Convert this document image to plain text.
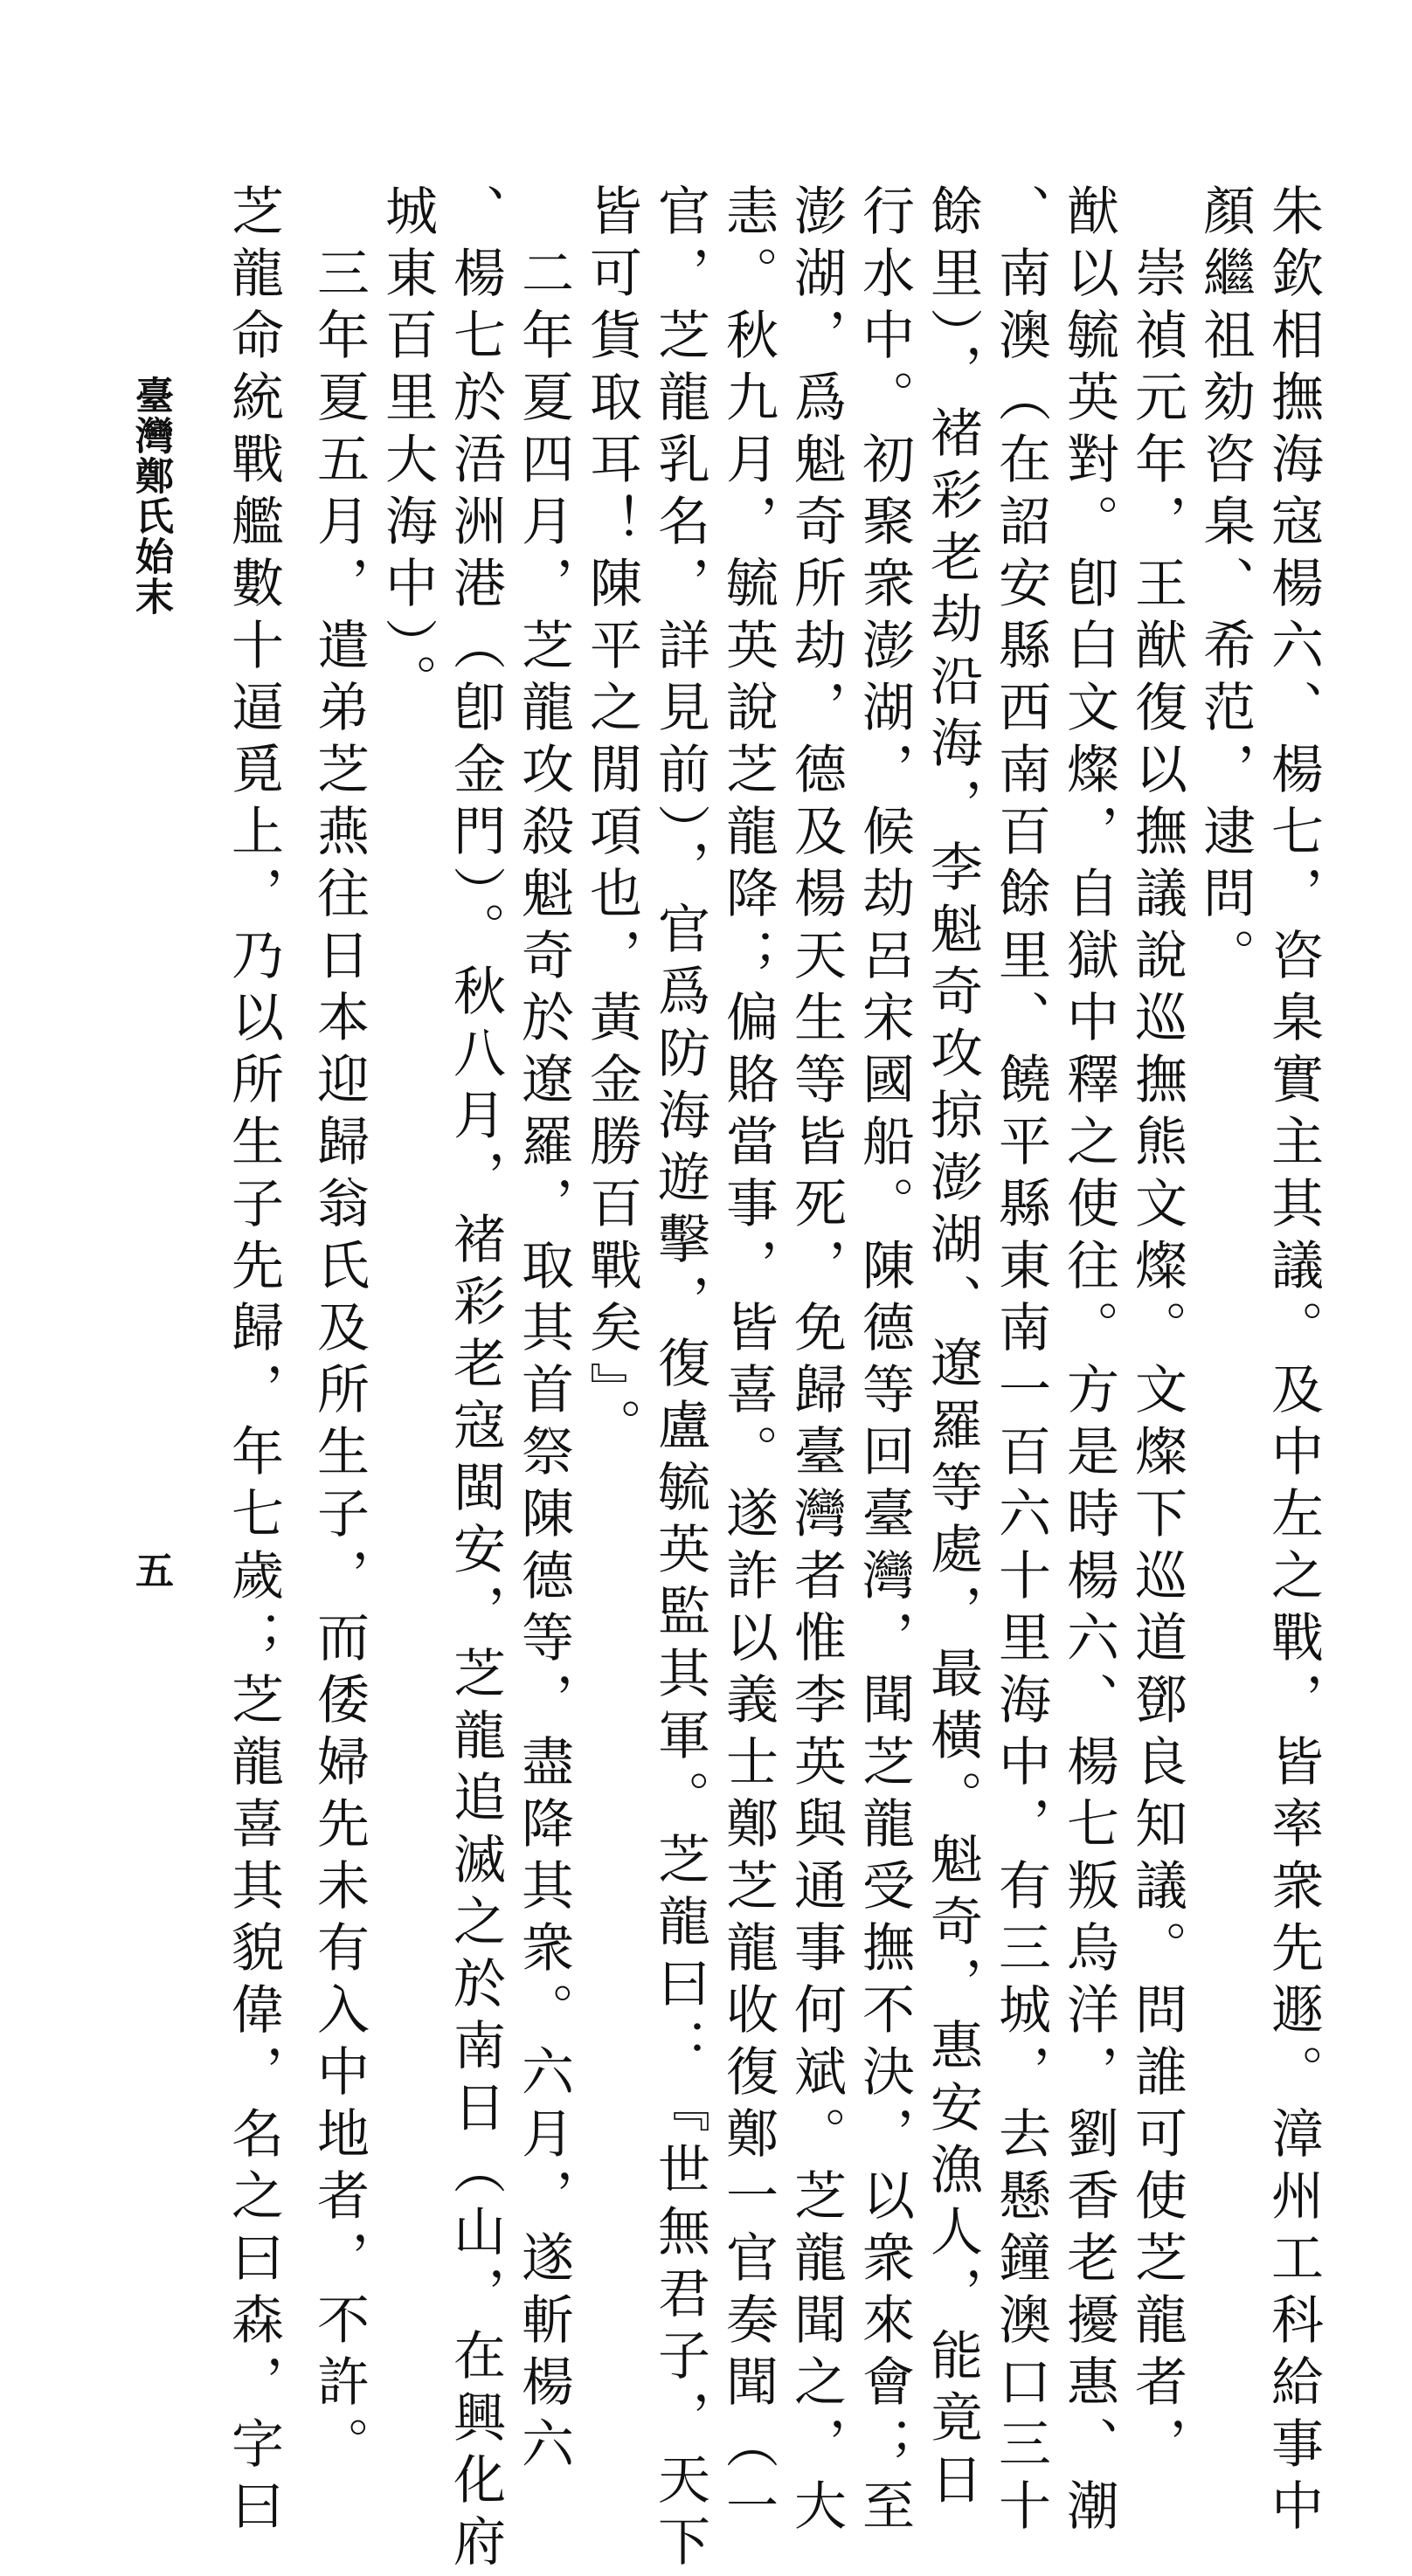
朱欽相撫海寇楊六、楊七，咨臬實主其議。及中左之戰，皆率衆先遯。漳州工科給事中
顏繼祖劾咨臬、希范，逮問。
　崇禎元年，王猷復以撫議說巡撫熊文燦。文燦下巡道鄧良知議。問誰可使芝龍者，
猷以毓英對。卽白文燦，自獄中釋之使往。方是時楊六、楊七叛烏洋，劉香老擾惠、潮
、南澳（在詔安縣西南百餘里、饒平縣東南一百六十里海中，有三城，去懸鐘澳口三十
餘里），褚彩老劫沿海，李魁奇攻掠澎湖、遼羅等處，最橫。魁奇，惠安漁人，能竟日
行水中。初聚衆澎湖，候劫呂宋國船。陳德等回臺灣，聞芝龍受撫不決，以衆來會；至
澎湖，爲魁奇所劫，德及楊天生等皆死，免歸臺灣者惟李英與通事何斌。芝龍聞之，大
恚。秋九月，毓英說芝龍降；偏賂當事，皆喜。遂詐以義士鄭芝龍收復鄭一官奏聞（一
官，芝龍乳名，詳見前），官爲防海遊擊，復盧毓英監其軍。芝龍曰：『世無君子，天下
皆可貨取耳！陳平之閒項也，黃金勝百戰矣』。
　二年夏四月，芝龍攻殺魁奇於遼羅，取其首祭陳德等，盡降其衆。六月，遂斬楊六
、楊七於浯洲港（卽金門）。秋八月，褚彩老寇閩安，芝龍追滅之於南日（山，在興化府
城東百里大海中）。
　三年夏五月，遣弟芝燕往日本迎歸翁氏及所生子，而倭婦先未有入中地者，不許。
芝龍命統戰艦數十逼覓上，乃以所生子先歸，年七歲；芝龍喜其貌偉，名之曰森，字曰
臺灣鄭氏始末
五
